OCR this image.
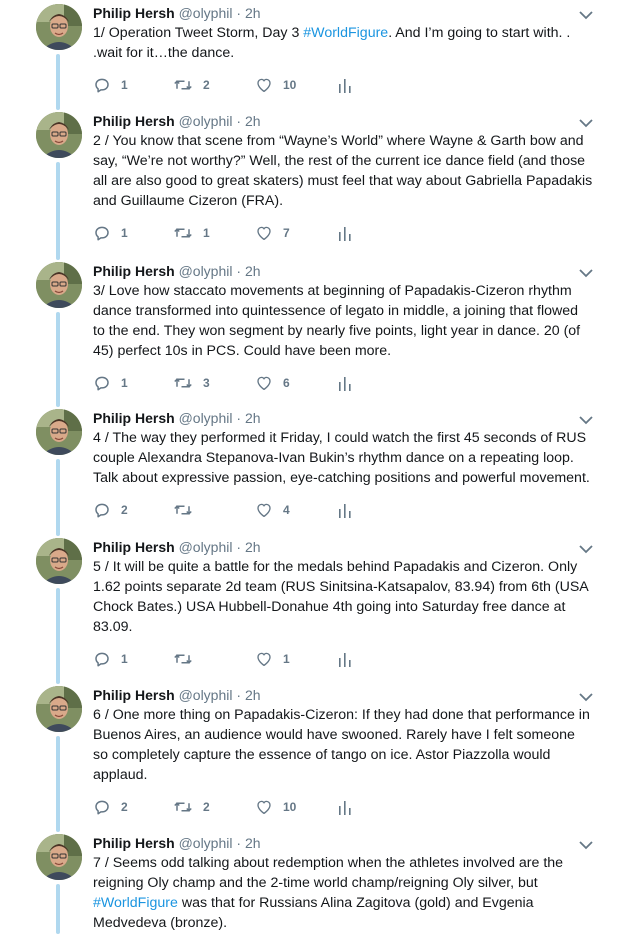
Philip Hersh @olyphil · 2h
1/ Operation Tweet Storm, Day 3 #WorldFigure. And I’m going to start with. .
.wait for it…the dance.
1	2	10
Philip Hersh @olyphil · 2h
2 / You know that scene from “Wayne’s World” where Wayne & Garth bow and
say, “We’re not worthy?” Well, the rest of the current ice dance field (and those
all are also good to great skaters) must feel that way about Gabriella Papadakis
and Guillaume Cizeron (FRA).
1	1	7
Philip Hersh @olyphil · 2h
3/ Love how staccato movements at beginning of Papadakis-Cizeron rhythm
dance transformed into quintessence of legato in middle, a joining that flowed
to the end. They won segment by nearly five points, light year in dance. 20 (of
45) perfect 10s in PCS. Could have been more.
1	3	6
Philip Hersh @olyphil · 2h
4 / The way they performed it Friday, I could watch the first 45 seconds of RUS
couple Alexandra Stepanova-Ivan Bukin’s rhythm dance on a repeating loop.
Talk about expressive passion, eye-catching positions and powerful movement.
2	4
Philip Hersh @olyphil · 2h
5 / It will be quite a battle for the medals behind Papadakis and Cizeron. Only
1.62 points separate 2d team (RUS Sinitsina-Katsapalov, 83.94) from 6th (USA
Chock Bates.) USA Hubbell-Donahue 4th going into Saturday free dance at
83.09.
1	1
Philip Hersh @olyphil · 2h
6 / One more thing on Papadakis-Cizeron: If they had done that performance in
Buenos Aires, an audience would have swooned. Rarely have I felt someone
so completely capture the essence of tango on ice. Astor Piazzolla would
applaud.
2	2	10
Philip Hersh @olyphil · 2h
7 / Seems odd talking about redemption when the athletes involved are the
reigning Oly champ and the 2-time world champ/reigning Oly silver, but
#WorldFigure was that for Russians Alina Zagitova (gold) and Evgenia
Medvedeva (bronze).
